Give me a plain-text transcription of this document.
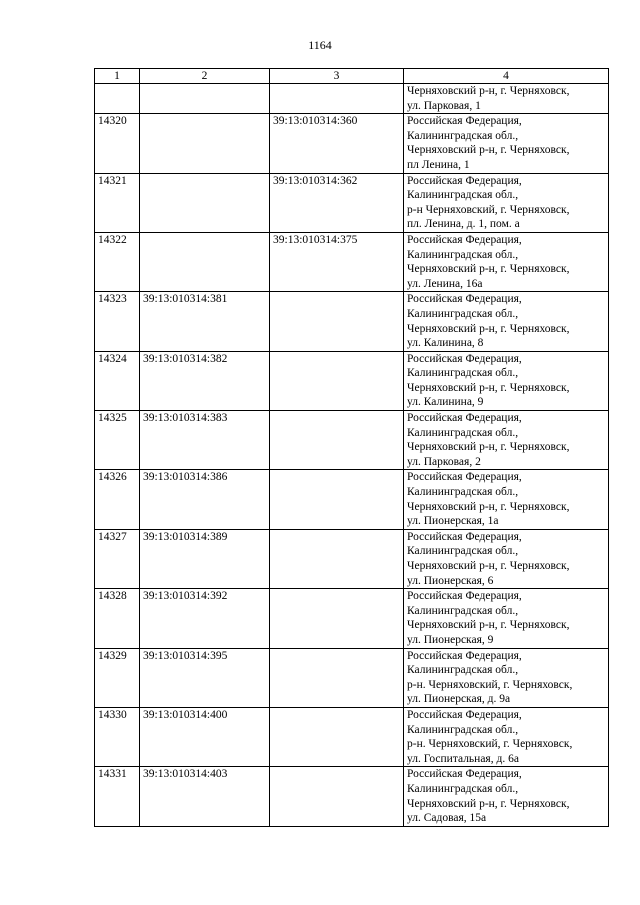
1164
1	2	3	4

			Черняховский р-н, г. Черняховск,
ул. Парковая, 1

14320		39:13:010314:360	Российская Федерация,
Калининградская обл.,
Черняховский р-н, г. Черняховск,
пл Ленина, 1

14321		39:13:010314:362	Российская Федерация,
Калининградская обл.,
р-н Черняховский, г. Черняховск,
пл. Ленина, д. 1, пом. а

14322		39:13:010314:375	Российская Федерация,
Калининградская обл.,
Черняховский р-н, г. Черняховск,
ул. Ленина, 16а

14323	39:13:010314:381		Российская Федерация,
Калининградская обл.,
Черняховский р-н, г. Черняховск,
ул. Калинина, 8

14324	39:13:010314:382		Российская Федерация,
Калининградская обл.,
Черняховский р-н, г. Черняховск,
ул. Калинина, 9

14325	39:13:010314:383		Российская Федерация,
Калининградская обл.,
Черняховский р-н, г. Черняховск,
ул. Парковая, 2

14326	39:13:010314:386		Российская Федерация,
Калининградская обл.,
Черняховский р-н, г. Черняховск,
ул. Пионерская, 1а

14327	39:13:010314:389		Российская Федерация,
Калининградская обл.,
Черняховский р-н, г. Черняховск,
ул. Пионерская, 6

14328	39:13:010314:392		Российская Федерация,
Калининградская обл.,
Черняховский р-н, г. Черняховск,
ул. Пионерская, 9

14329	39:13:010314:395		Российская Федерация,
Калининградская обл.,
р-н. Черняховский, г. Черняховск,
ул. Пионерская, д. 9а

14330	39:13:010314:400		Российская Федерация,
Калининградская обл.,
р-н. Черняховский, г. Черняховск,
ул. Госпитальная, д. 6а

14331	39:13:010314:403		Российская Федерация,
Калининградская обл.,
Черняховский р-н, г. Черняховск,
ул. Садовая, 15а
